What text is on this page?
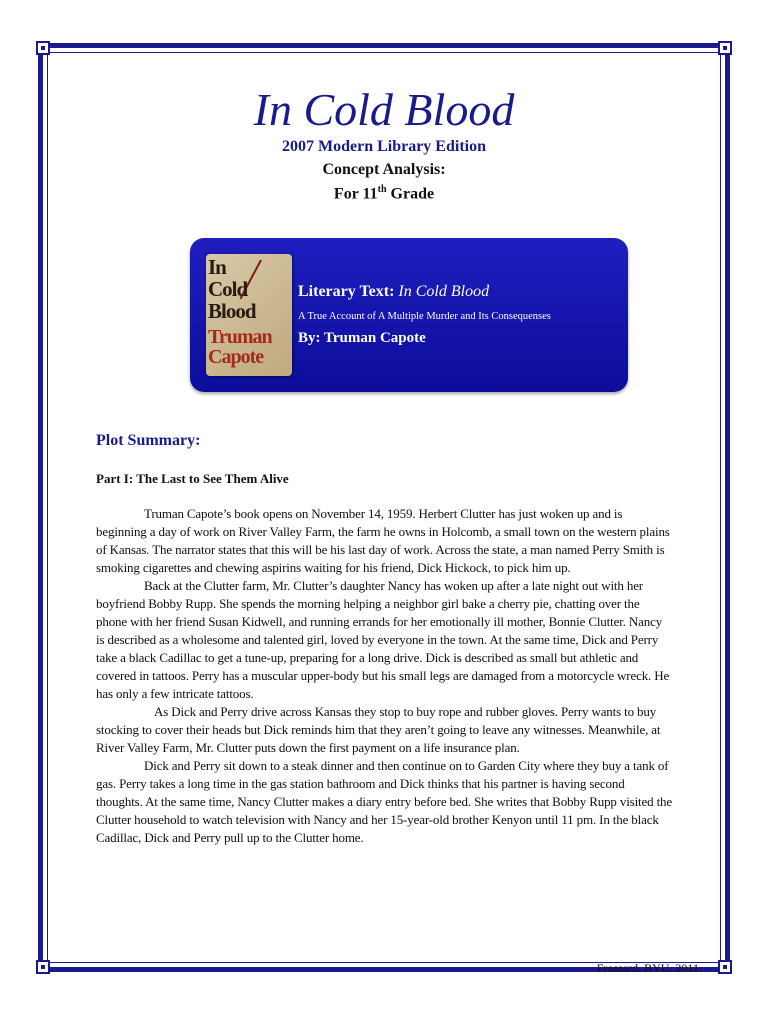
In Cold Blood
2007 Modern Library Edition
Concept Analysis:
For 11th Grade
In
Cold
Blood
Truman
Capote
Literary Text: In Cold Blood
A True Account of A Multiple Murder and Its Consequenses
By: Truman Capote
Plot Summary:
Part I: The Last to See Them Alive

Truman Capote’s book opens on November 14, 1959. Herbert Clutter has just woken up and is beginning a day of work on River Valley Farm, the farm he owns in Holcomb, a small town on the western plains of Kansas. The narrator states that this will be his last day of work. Across the state, a man named Perry Smith is smoking cigarettes and chewing aspirins waiting for his friend, Dick Hickock, to pick him up.

Back at the Clutter farm, Mr. Clutter’s daughter Nancy has woken up after a late night out with her boyfriend Bobby Rupp. She spends the morning helping a neighbor girl bake a cherry pie, chatting over the phone with her friend Susan Kidwell, and running errands for her emotionally ill mother, Bonnie Clutter. Nancy is described as a wholesome and talented girl, loved by everyone in the town. At the same time, Dick and Perry take a black Cadillac to get a tune-up, preparing for a long drive. Dick is described as small but athletic and covered in tattoos. Perry has a muscular upper-body but his small legs are damaged from a motorcycle wreck. He has only a few intricate tattoos.

As Dick and Perry drive across Kansas they stop to buy rope and rubber gloves. Perry wants to buy stocking to cover their heads but Dick reminds him that they aren’t going to leave any witnesses. Meanwhile, at River Valley Farm, Mr. Clutter puts down the first payment on a life insurance plan.

Dick and Perry sit down to a steak dinner and then continue on to Garden City where they buy a tank of gas. Perry takes a long time in the gas station bathroom and Dick thinks that his partner is having second thoughts. At the same time, Nancy Clutter makes a diary entry before bed. She writes that Bobby Rupp visited the Clutter household to watch television with Nancy and her 15-year-old brother Kenyon until 11 pm. In the black Cadillac, Dick and Perry pull up to the Clutter home.

Frossard. BYU. 2011.
